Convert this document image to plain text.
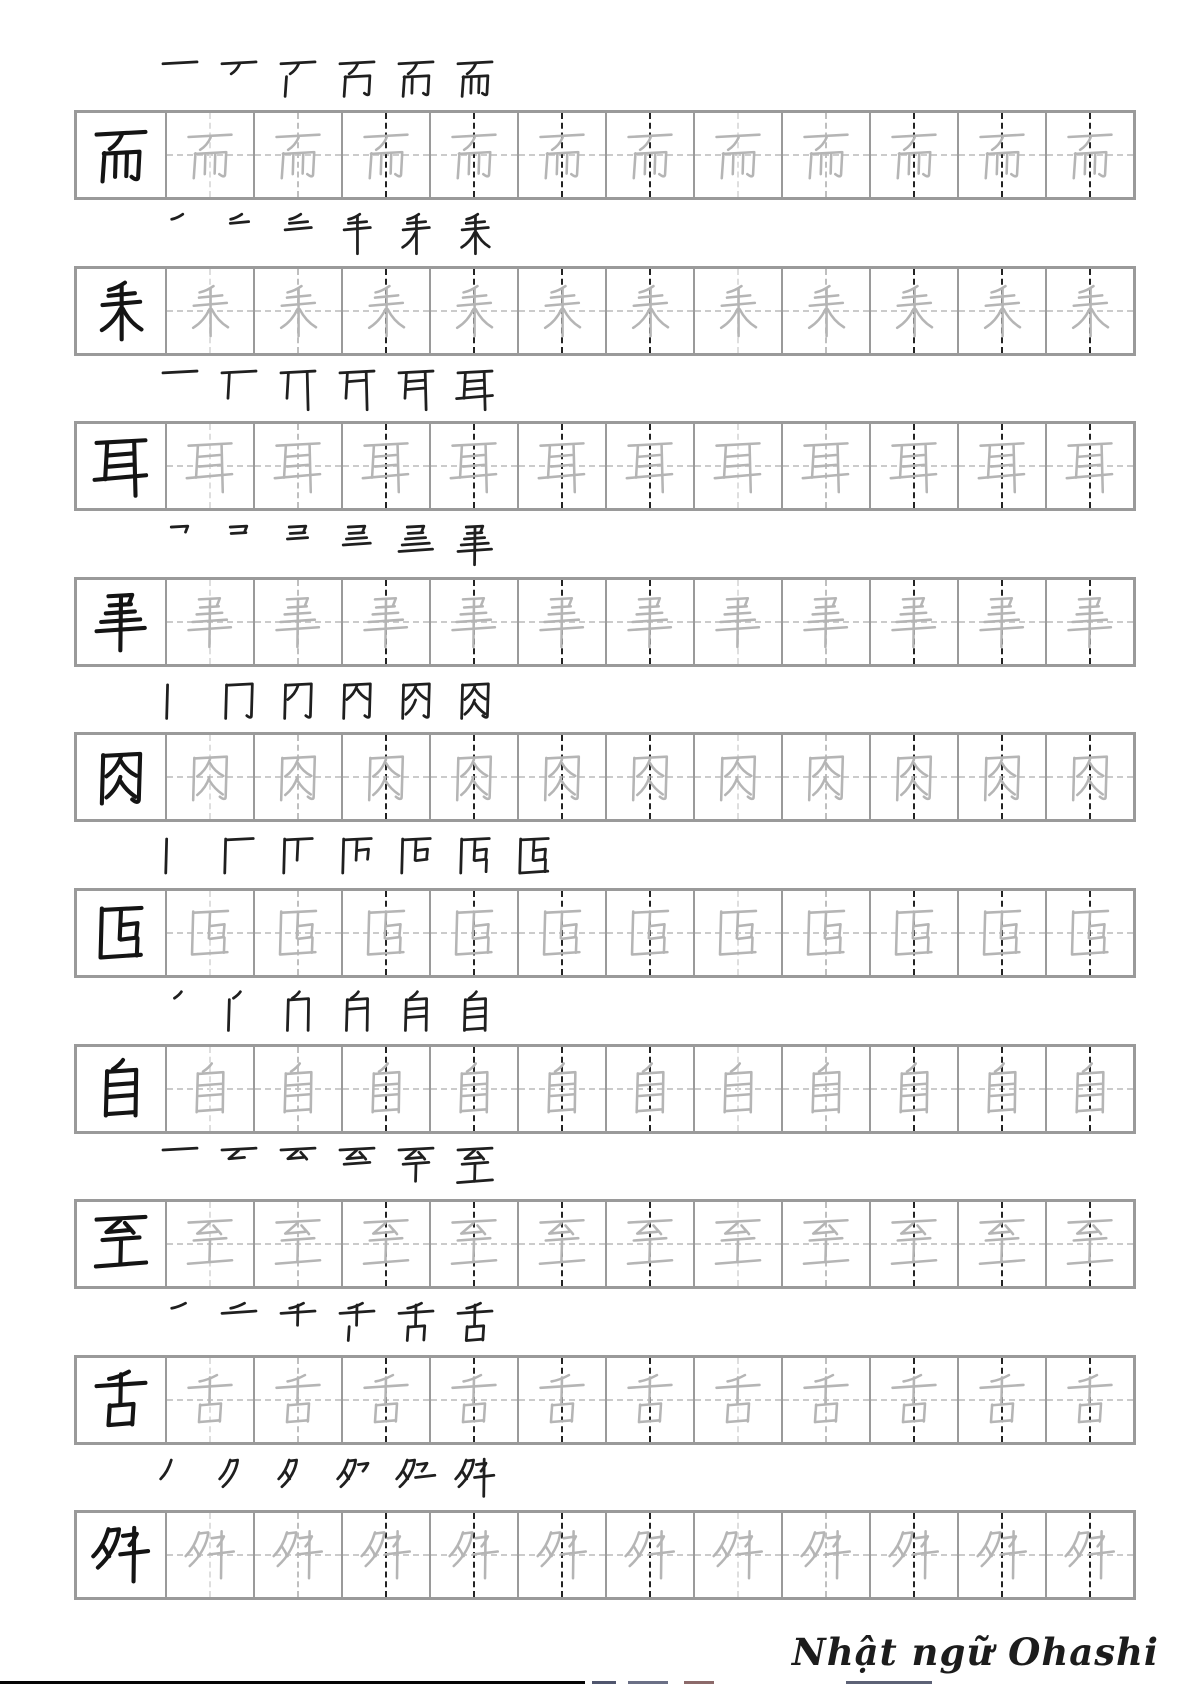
Nhật ngữ Ohashi
